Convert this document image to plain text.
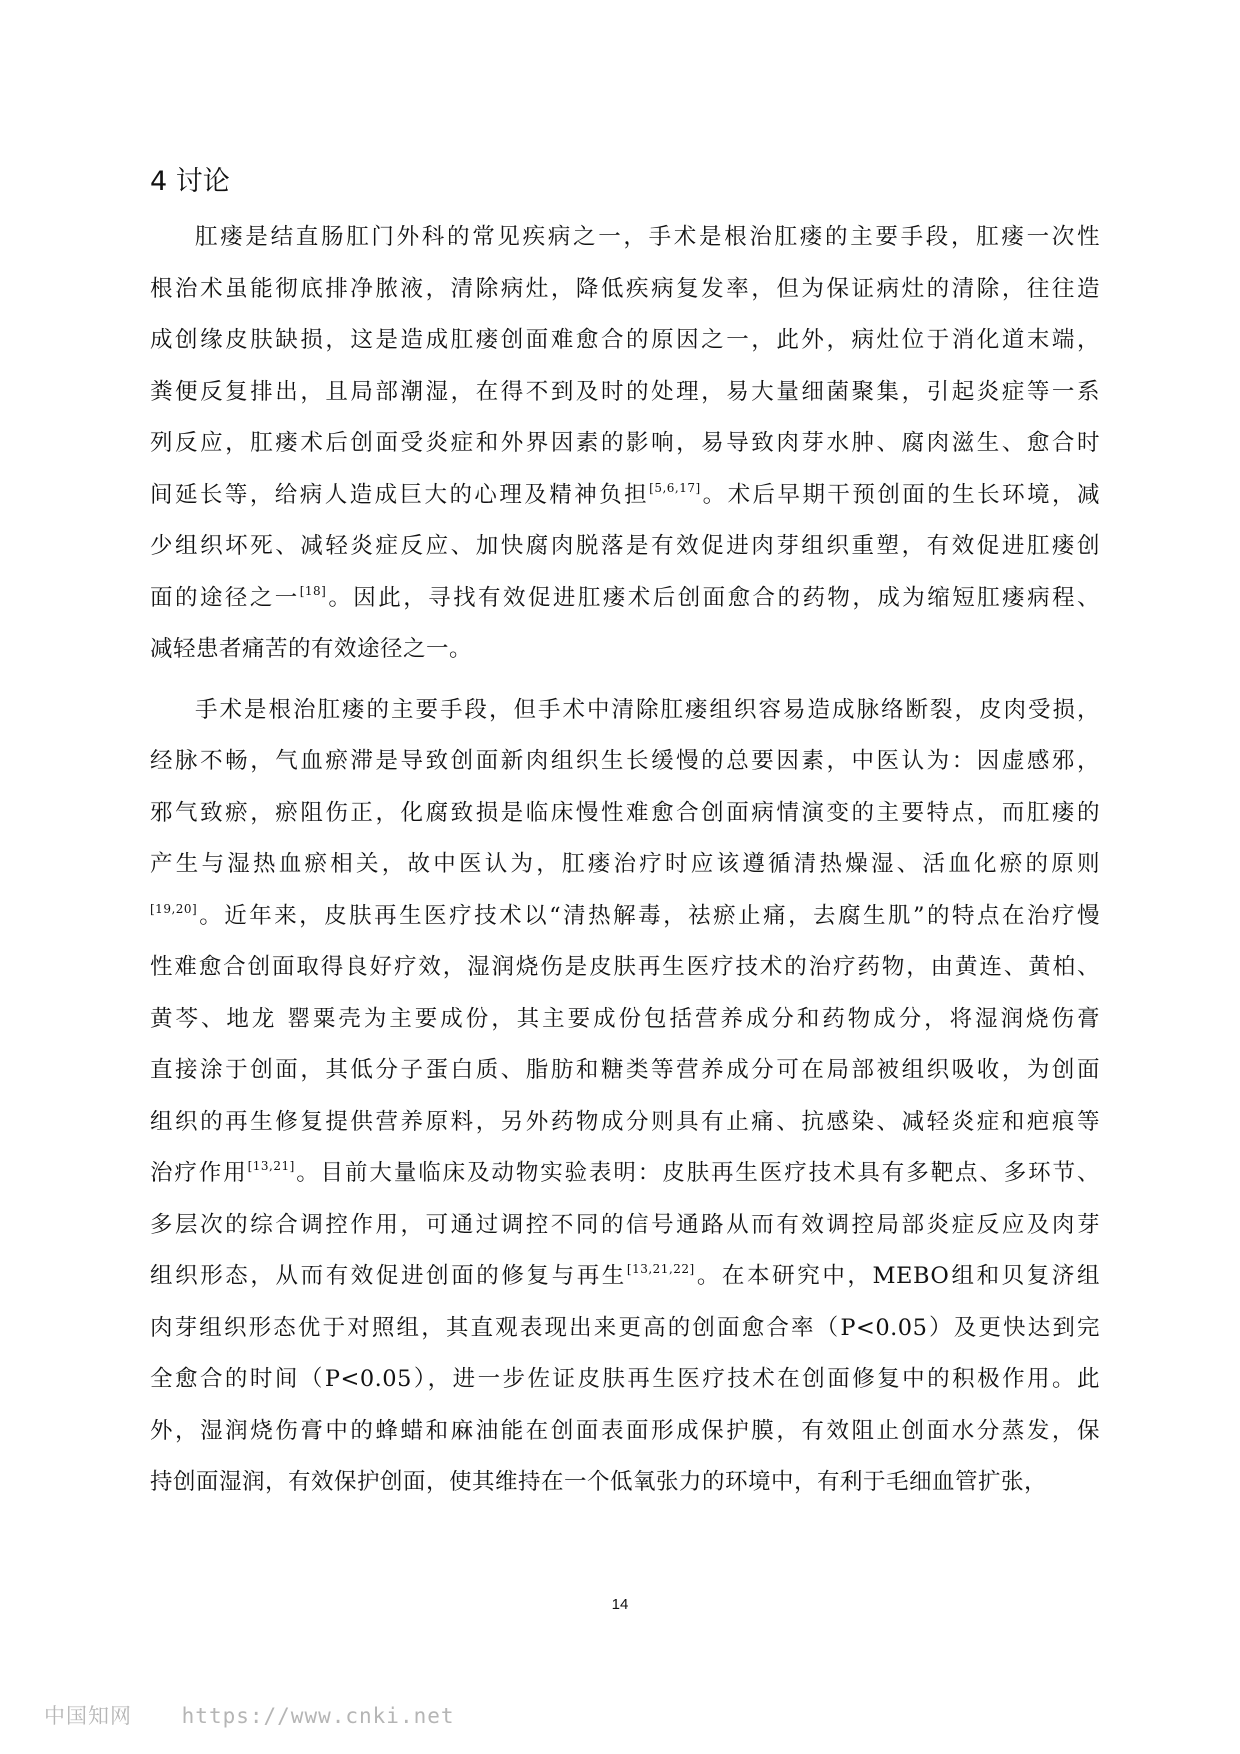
4 讨论

肛瘘是结直肠肛门外科的常见疾病之一，手术是根治肛瘘的主要手段，肛瘘一次性
根治术虽能彻底排净脓液，清除病灶，降低疾病复发率，但为保证病灶的清除，往往造
成创缘皮肤缺损，这是造成肛瘘创面难愈合的原因之一，此外，病灶位于消化道末端，
粪便反复排出，且局部潮湿，在得不到及时的处理，易大量细菌聚集，引起炎症等一系
列反应，肛瘘术后创面受炎症和外界因素的影响，易导致肉芽水肿、腐肉滋生、愈合时
间延长等，给病人造成巨大的心理及精神负担[5,6,17]。术后早期干预创面的生长环境，减
少组织坏死、减轻炎症反应、加快腐肉脱落是有效促进肉芽组织重塑，有效促进肛瘘创
面的途径之一[18]。因此，寻找有效促进肛瘘术后创面愈合的药物，成为缩短肛瘘病程、
减轻患者痛苦的有效途径之一。

手术是根治肛瘘的主要手段，但手术中清除肛瘘组织容易造成脉络断裂，皮肉受损，
经脉不畅，气血瘀滞是导致创面新肉组织生长缓慢的总要因素，中医认为：因虚感邪，
邪气致瘀，瘀阻伤正，化腐致损是临床慢性难愈合创面病情演变的主要特点，而肛瘘的
产生与湿热血瘀相关，故中医认为，肛瘘治疗时应该遵循清热燥湿、活血化瘀的原则
[19,20]。近年来，皮肤再生医疗技术以“清热解毒，祛瘀止痛，去腐生肌”的特点在治疗慢
性难愈合创面取得良好疗效，湿润烧伤是皮肤再生医疗技术的治疗药物，由黄连、黄柏、
黄芩、地龙 罂粟壳为主要成份，其主要成份包括营养成分和药物成分，将湿润烧伤膏
直接涂于创面，其低分子蛋白质、脂肪和糖类等营养成分可在局部被组织吸收，为创面
组织的再生修复提供营养原料，另外药物成分则具有止痛、抗感染、减轻炎症和疤痕等
治疗作用[13,21]。目前大量临床及动物实验表明：皮肤再生医疗技术具有多靶点、多环节、
多层次的综合调控作用，可通过调控不同的信号通路从而有效调控局部炎症反应及肉芽
组织形态，从而有效促进创面的修复与再生[13,21,22]。在本研究中，MEBO组和贝复济组
肉芽组织形态优于对照组，其直观表现出来更高的创面愈合率（P<0.05）及更快达到完
全愈合的时间（P<0.05），进一步佐证皮肤再生医疗技术在创面修复中的积极作用。此
外，湿润烧伤膏中的蜂蜡和麻油能在创面表面形成保护膜，有效阻止创面水分蒸发，保
持创面湿润，有效保护创面，使其维持在一个低氧张力的环境中，有利于毛细血管扩张，

14
中国知网 https://www.cnki.net
